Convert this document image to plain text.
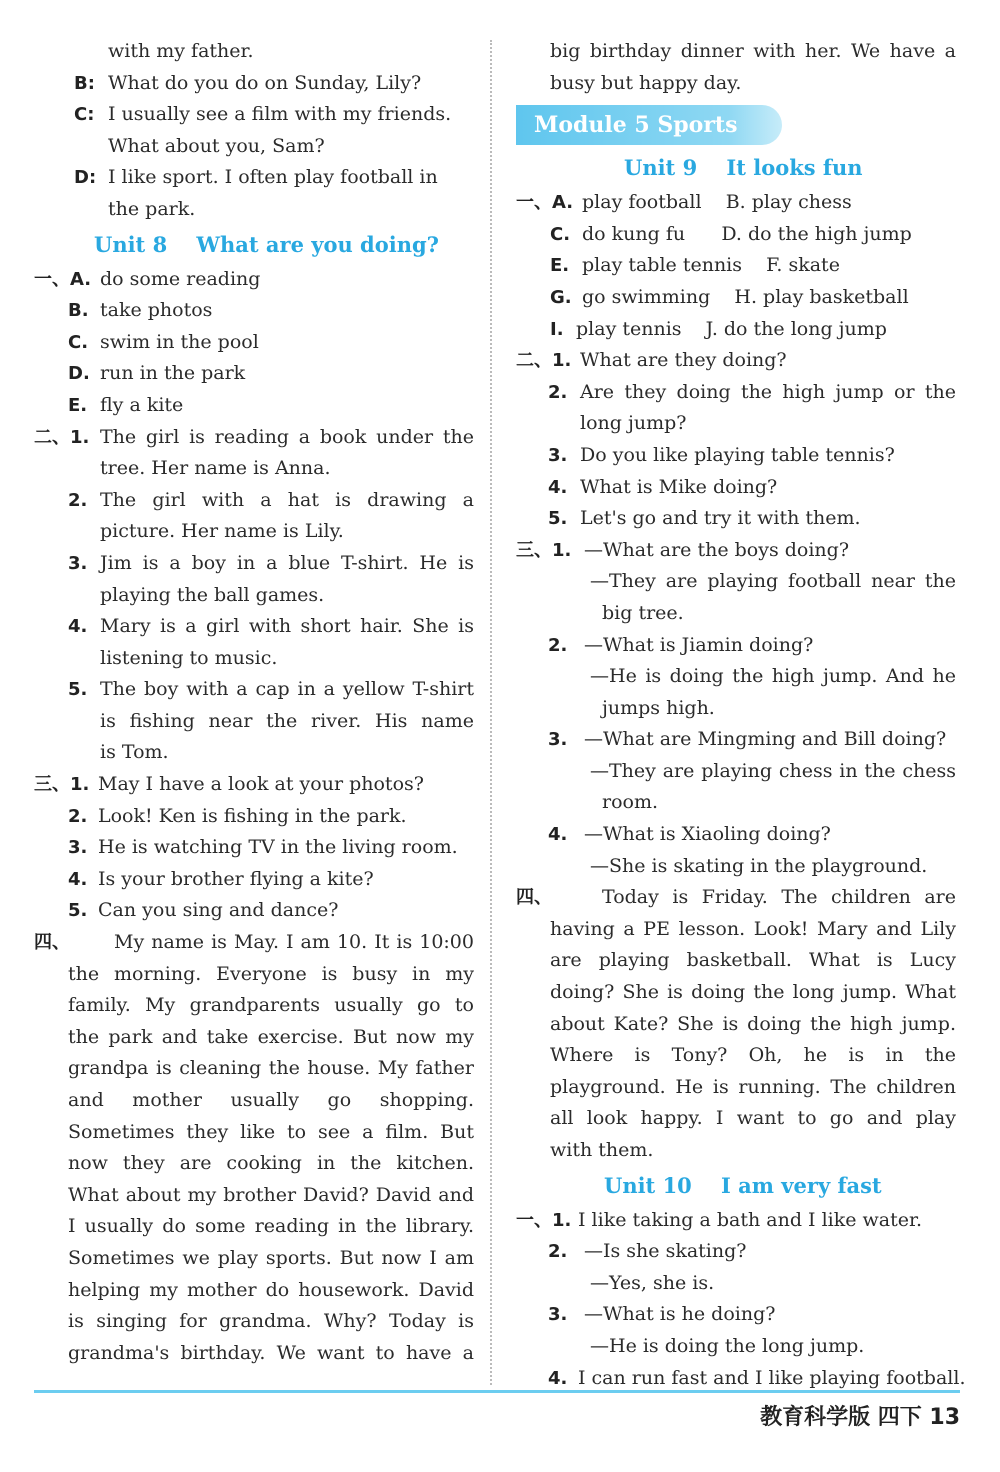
with my father.
B: What do you do on Sunday, Lily?
C: I usually see a film with my friends.
What about you, Sam?
D: I like sport. I often play football in
the park.
Unit 8    What are you doing?
一、A. do some reading
B. take photos
C. swim in the pool
D. run in the park
E. fly a kite
二、1. The girl is reading a book under the
tree. Her name is Anna.
2. The girl with a hat is drawing a
picture. Her name is Lily.
3. Jim is a boy in a blue T-shirt. He is
playing the ball games.
4. Mary is a girl with short hair. She is
listening to music.
5. The boy with a cap in a yellow T-shirt
is fishing near the river. His name
is Tom.
三、1. May I have a look at your photos?
2. Look! Ken is fishing in the park.
3. He is watching TV in the living room.
4. Is your brother flying a kite?
5. Can you sing and dance?
四、 My name is May. I am 10. It is 10:00
the morning. Everyone is busy in my
family. My grandparents usually go to
the park and take exercise. But now my
grandpa is cleaning the house. My father
and mother usually go shopping.
Sometimes they like to see a film. But
now they are cooking in the kitchen.
What about my brother David? David and
I usually do some reading in the library.
Sometimes we play sports. But now I am
helping my mother do housework. David
is singing for grandma. Why? Today is
grandma's birthday. We want to have a
big birthday dinner with her. We have a
busy but happy day.
Module 5 Sports
Unit 9    It looks fun
一、A. play football    B. play chess
C. do kung fu      D. do the high jump
E. play table tennis    F. skate
G. go swimming    H. play basketball
I. play tennis    J. do the long jump
二、1. What are they doing?
2. Are they doing the high jump or the
long jump?
3. Do you like playing table tennis?
4. What is Mike doing?
5. Let's go and try it with them.
三、1. —What are the boys doing?
—They are playing football near the
big tree.
2. —What is Jiamin doing?
—He is doing the high jump. And he
jumps high.
3. —What are Mingming and Bill doing?
—They are playing chess in the chess
room.
4. —What is Xiaoling doing?
—She is skating in the playground.
四、	Today is Friday. The children are
having a PE lesson. Look! Mary and Lily
are playing basketball. What is Lucy
doing? She is doing the long jump. What
about Kate? She is doing the high jump.
Where is Tony? Oh, he is in the
playground. He is running. The children
all look happy. I want to go and play
with them.
Unit 10    I am very fast
一、1. I like taking a bath and I like water.
2. —Is she skating?
—Yes, she is.
3. —What is he doing?
—He is doing the long jump.
4. I can run fast and I like playing football.
教育科学版 四下 13
